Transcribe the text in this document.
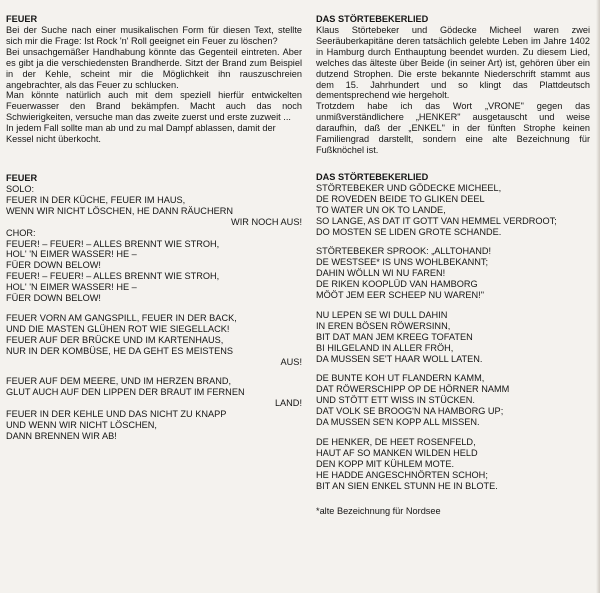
FEUER

Bei der Suche nach einer musikalischen Form für diesen Text, stellte sich mir die Frage: Ist Rock 'n' Roll geeignet ein Feuer zu löschen?

Bei unsachgemäßer Handhabung könnte das Gegenteil eintreten. Aber es gibt ja die verschiedensten Brandherde. Sitzt der Brand zum Beispiel in der Kehle, scheint mir die Möglichkeit ihn rauszuschreien angebrachter, als das Feuer zu schlucken.

Man könnte natürlich auch mit dem speziell hierfür entwickelten Feuerwasser den Brand bekämpfen. Macht auch das noch Schwierigkeiten, versuche man das zweite zuerst und erste zuzweit ...

In jedem Fall sollte man ab und zu mal Dampf ablassen, damit der Kessel nicht überkocht.

FEUER
SOLO:
FEUER IN DER KÜCHE, FEUER IM HAUS,
WENN WIR NICHT LÖSCHEN, HE DANN RÄUCHERN
WIR NOCH AUS!
CHOR:
FEUER! – FEUER! – ALLES BRENNT WIE STROH,
HOL' 'N EIMER WASSER! HE –
FÜER DOWN BELOW!
FEUER! – FEUER! – ALLES BRENNT WIE STROH,
HOL' 'N EIMER WASSER! HE –
FÜER DOWN BELOW!
FEUER VORN AM GANGSPILL, FEUER IN DER BACK,
UND DIE MASTEN GLÜHEN ROT WIE SIEGELLACK!
FEUER AUF DER BRÜCKE UND IM KARTENHAUS,
NUR IN DER KOMBÜSE, HE DA GEHT ES MEISTENS
AUS!
FEUER AUF DEM MEERE, UND IM HERZEN BRAND,
GLUT AUCH AUF DEN LIPPEN DER BRAUT IM FERNEN
LAND!
FEUER IN DER KEHLE UND DAS NICHT ZU KNAPP
UND WENN WIR NICHT LÖSCHEN,
DANN BRENNEN WIR AB!
DAS STÖRTEBEKERLIED

Klaus Störtebeker und Gödecke Micheel waren zwei Seeräuberkapitäne deren tatsächlich gelebte Leben im Jahre 1402 in Hamburg durch Enthauptung beendet wurden. Zu diesem Lied, welches das älteste über Beide (in seiner Art) ist, gehören über ein dutzend Strophen. Die erste bekannte Niederschrift stammt aus dem 15. Jahrhundert und so klingt das Plattdeutsch dementsprechend wie hergeholt.

Trotzdem habe ich das Wort „VRONE" gegen das unmißverständlichere „HENKER" ausgetauscht und weise daraufhin, daß der „ENKEL" in der fünften Strophe keinen Familiengrad darstellt, sondern eine alte Bezeichnung für Fußknöchel ist.

DAS STÖRTEBEKERLIED
STÖRTEBEKER UND GÖDECKE MICHEEL,
DE ROVEDEN BEIDE TO GLIKEN DEEL
TO WATER UN OK TO LANDE,
SO LANGE, AS DAT IT GOTT VAN HEMMEL VERDROOT;
DO MOSTEN SE LIDEN GROTE SCHANDE.
STÖRTEBEKER SPROOK: „ALLTOHAND!
DE WESTSEE* IS UNS WOHLBEKANNT;
DAHIN WÖLLN WI NU FAREN!
DE RIKEN KOOPLÜD VAN HAMBORG
MÖÖT JEM EER SCHEEP NU WAREN!"
NU LEPEN SE WI DULL DAHIN
IN EREN BÖSEN RÖWERSINN,
BIT DAT MAN JEM KREEG TOFATEN
BI HILGELAND IN ALLER FRÖH,
DA MUSSEN SE'T HAAR WOLL LATEN.
DE BUNTE KOH UT FLANDERN KAMM,
DAT RÖWERSCHIPP OP DE HÖRNER NAMM
UND STÖTT ETT WISS IN STÜCKEN.
DAT VOLK SE BROOG'N NA HAMBORG UP;
DA MUSSEN SE'N KOPP ALL MISSEN.
DE HENKER, DE HEET ROSENFELD,
HAUT AF SO MANKEN WILDEN HELD
DEN KOPP MIT KÜHLEM MOTE.
HE HADDE ANGESCHNÖRTEN SCHOH;
BIT AN SIEN ENKEL STUNN HE IN BLOTE.
*alte Bezeichnung für Nordsee
